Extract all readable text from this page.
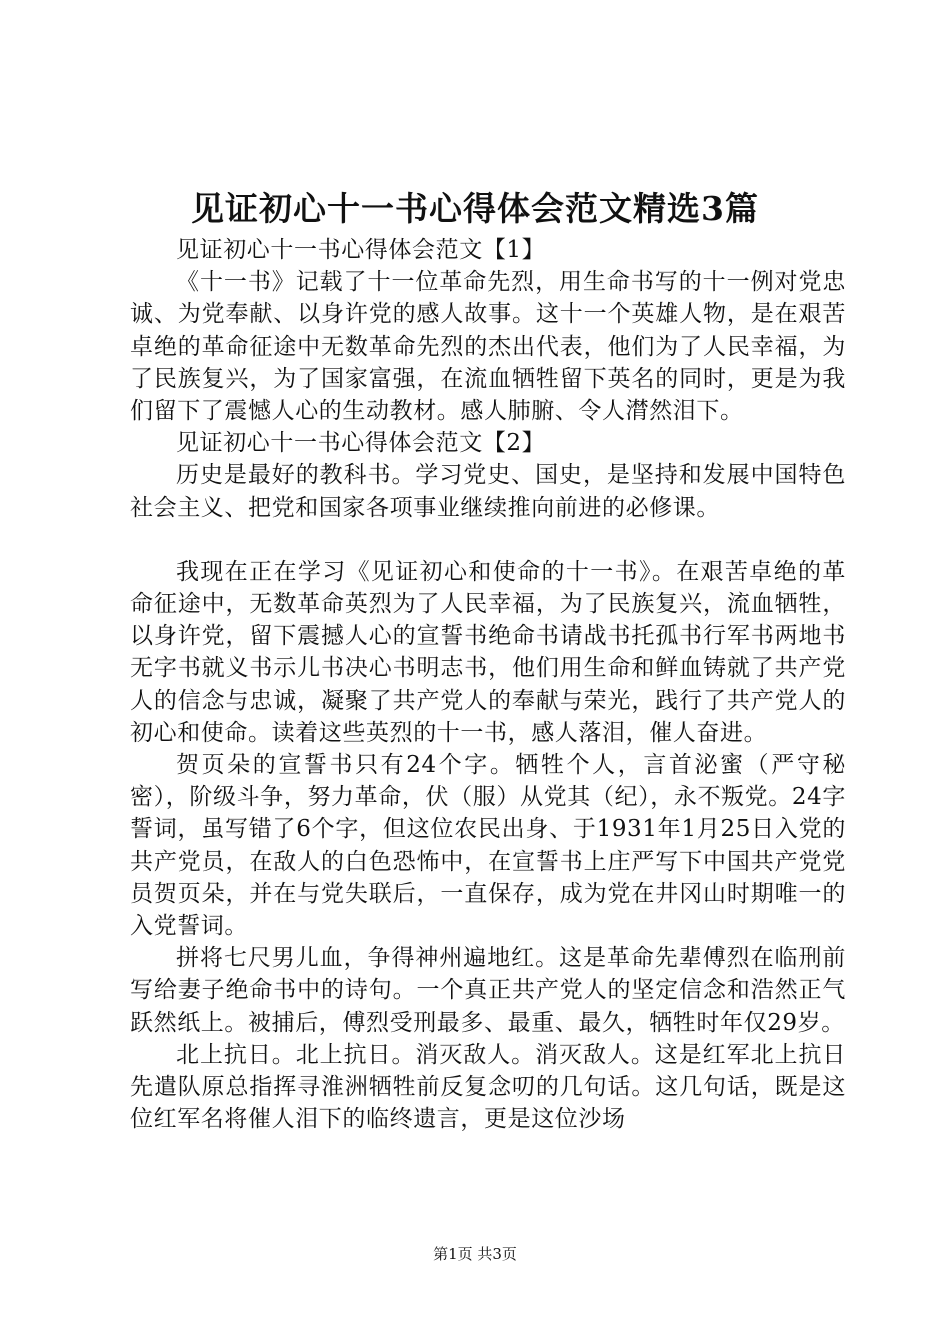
见证初心十一书心得体会范文精选3篇

见证初心十一书心得体会范文【1】

《十一书》记载了十一位革命先烈，用生命书写的十一例对党忠诚、为党奉献、以身许党的感人故事。这十一个英雄人物，是在艰苦卓绝的革命征途中无数革命先烈的杰出代表，他们为了人民幸福，为了民族复兴，为了国家富强，在流血牺牲留下英名的同时，更是为我们留下了震憾人心的生动教材。感人肺腑、令人潸然泪下。

见证初心十一书心得体会范文【2】

历史是最好的教科书。学习党史、国史，是坚持和发展中国特色社会主义、把党和国家各项事业继续推向前进的必修课。

我现在正在学习《见证初心和使命的十一书》。在艰苦卓绝的革命征途中，无数革命英烈为了人民幸福，为了民族复兴，流血牺牲，以身许党，留下震撼人心的宣誓书绝命书请战书托孤书行军书两地书无字书就义书示儿书决心书明志书，他们用生命和鲜血铸就了共产党人的信念与忠诚，凝聚了共产党人的奉献与荣光，践行了共产党人的初心和使命。读着这些英烈的十一书，感人落泪，催人奋进。

贺页朵的宣誓书只有24个字。牺牲个人，言首泌蜜（严守秘密），阶级斗争，努力革命，伏（服）从党其（纪），永不叛党。24字誓词，虽写错了6个字，但这位农民出身、于1931年1月25日入党的共产党员，在敌人的白色恐怖中，在宣誓书上庄严写下中国共产党党员贺页朵，并在与党失联后，一直保存，成为党在井冈山时期唯一的入党誓词。

拼将七尺男儿血，争得神州遍地红。这是革命先辈傅烈在临刑前写给妻子绝命书中的诗句。一个真正共产党人的坚定信念和浩然正气跃然纸上。被捕后，傅烈受刑最多、最重、最久，牺牲时年仅29岁。

北上抗日。北上抗日。消灭敌人。消灭敌人。这是红军北上抗日先遣队原总指挥寻淮洲牺牲前反复念叨的几句话。这几句话，既是这位红军名将催人泪下的临终遗言，更是这位沙场

第1页 共3页
